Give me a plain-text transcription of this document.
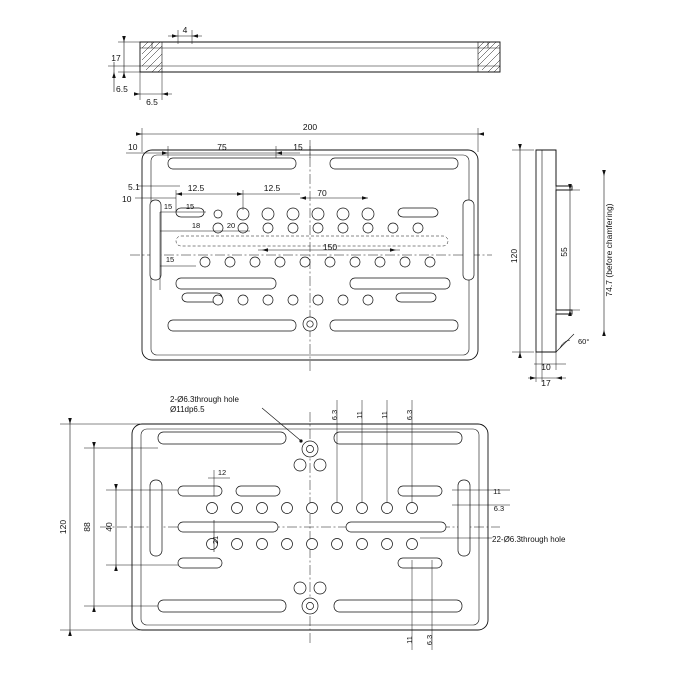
4
17
6.5
6.5
200
75
10	15
5.1
10
12.5	12.5	70
15 15
18	20
150
15	120	55	74.7 (before chamfering)
60°
10
17
2-Ø6.3through hole
Ø11dp6.5
22-Ø6.3through hole
6.3 11 11 6.3
11 6.3
11
6.3
120 88 40
12
21
